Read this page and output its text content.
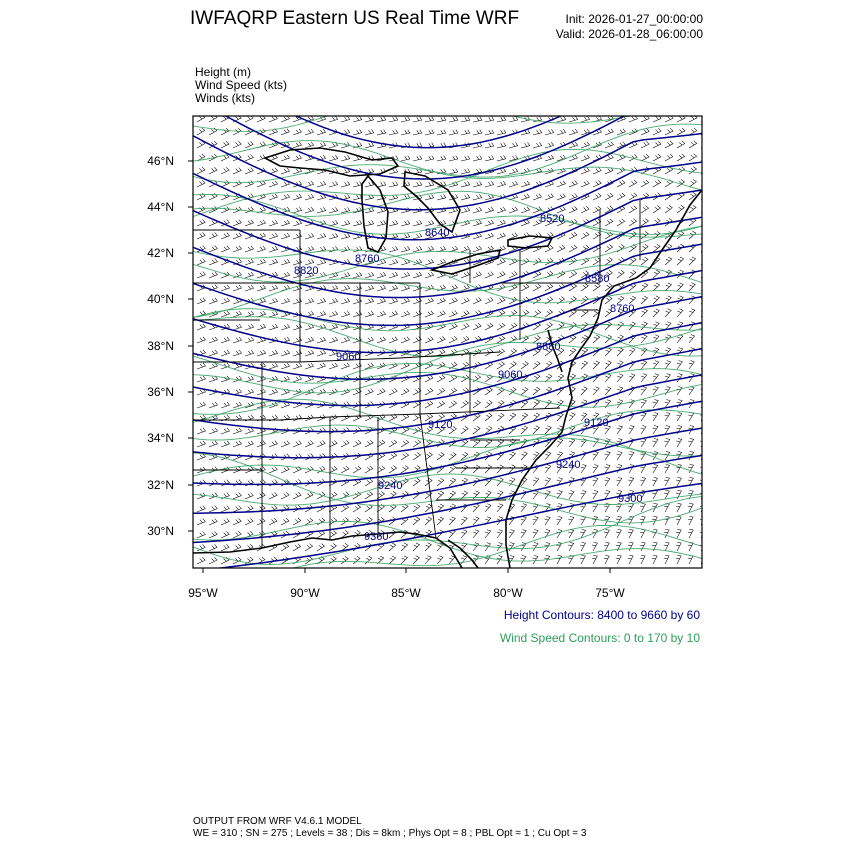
IWFAQRP Eastern US Real Time WRF	Init: 2026-01-27_00:00:00
Valid: 2026-01-28_06:00:00
Height (m)
Wind Speed (kts)
Winds (kts)
8520
8580
8640
8760
8760
8820
8880
9060
9060
9120	9120
9240
9240
9300
9360
46°N
44°N
42°N
40°N
38°N
36°N
34°N
32°N
30°N
95°W	90°W	85°W	80°W	75°W
Height Contours: 8400 to 9660 by 60
Wind Speed Contours: 0 to 170 by 10
OUTPUT FROM WRF V4.6.1 MODEL
WE = 310 ; SN = 275 ; Levels = 38 ; Dis = 8km ; Phys Opt = 8 ; PBL Opt = 1 ; Cu Opt = 3
